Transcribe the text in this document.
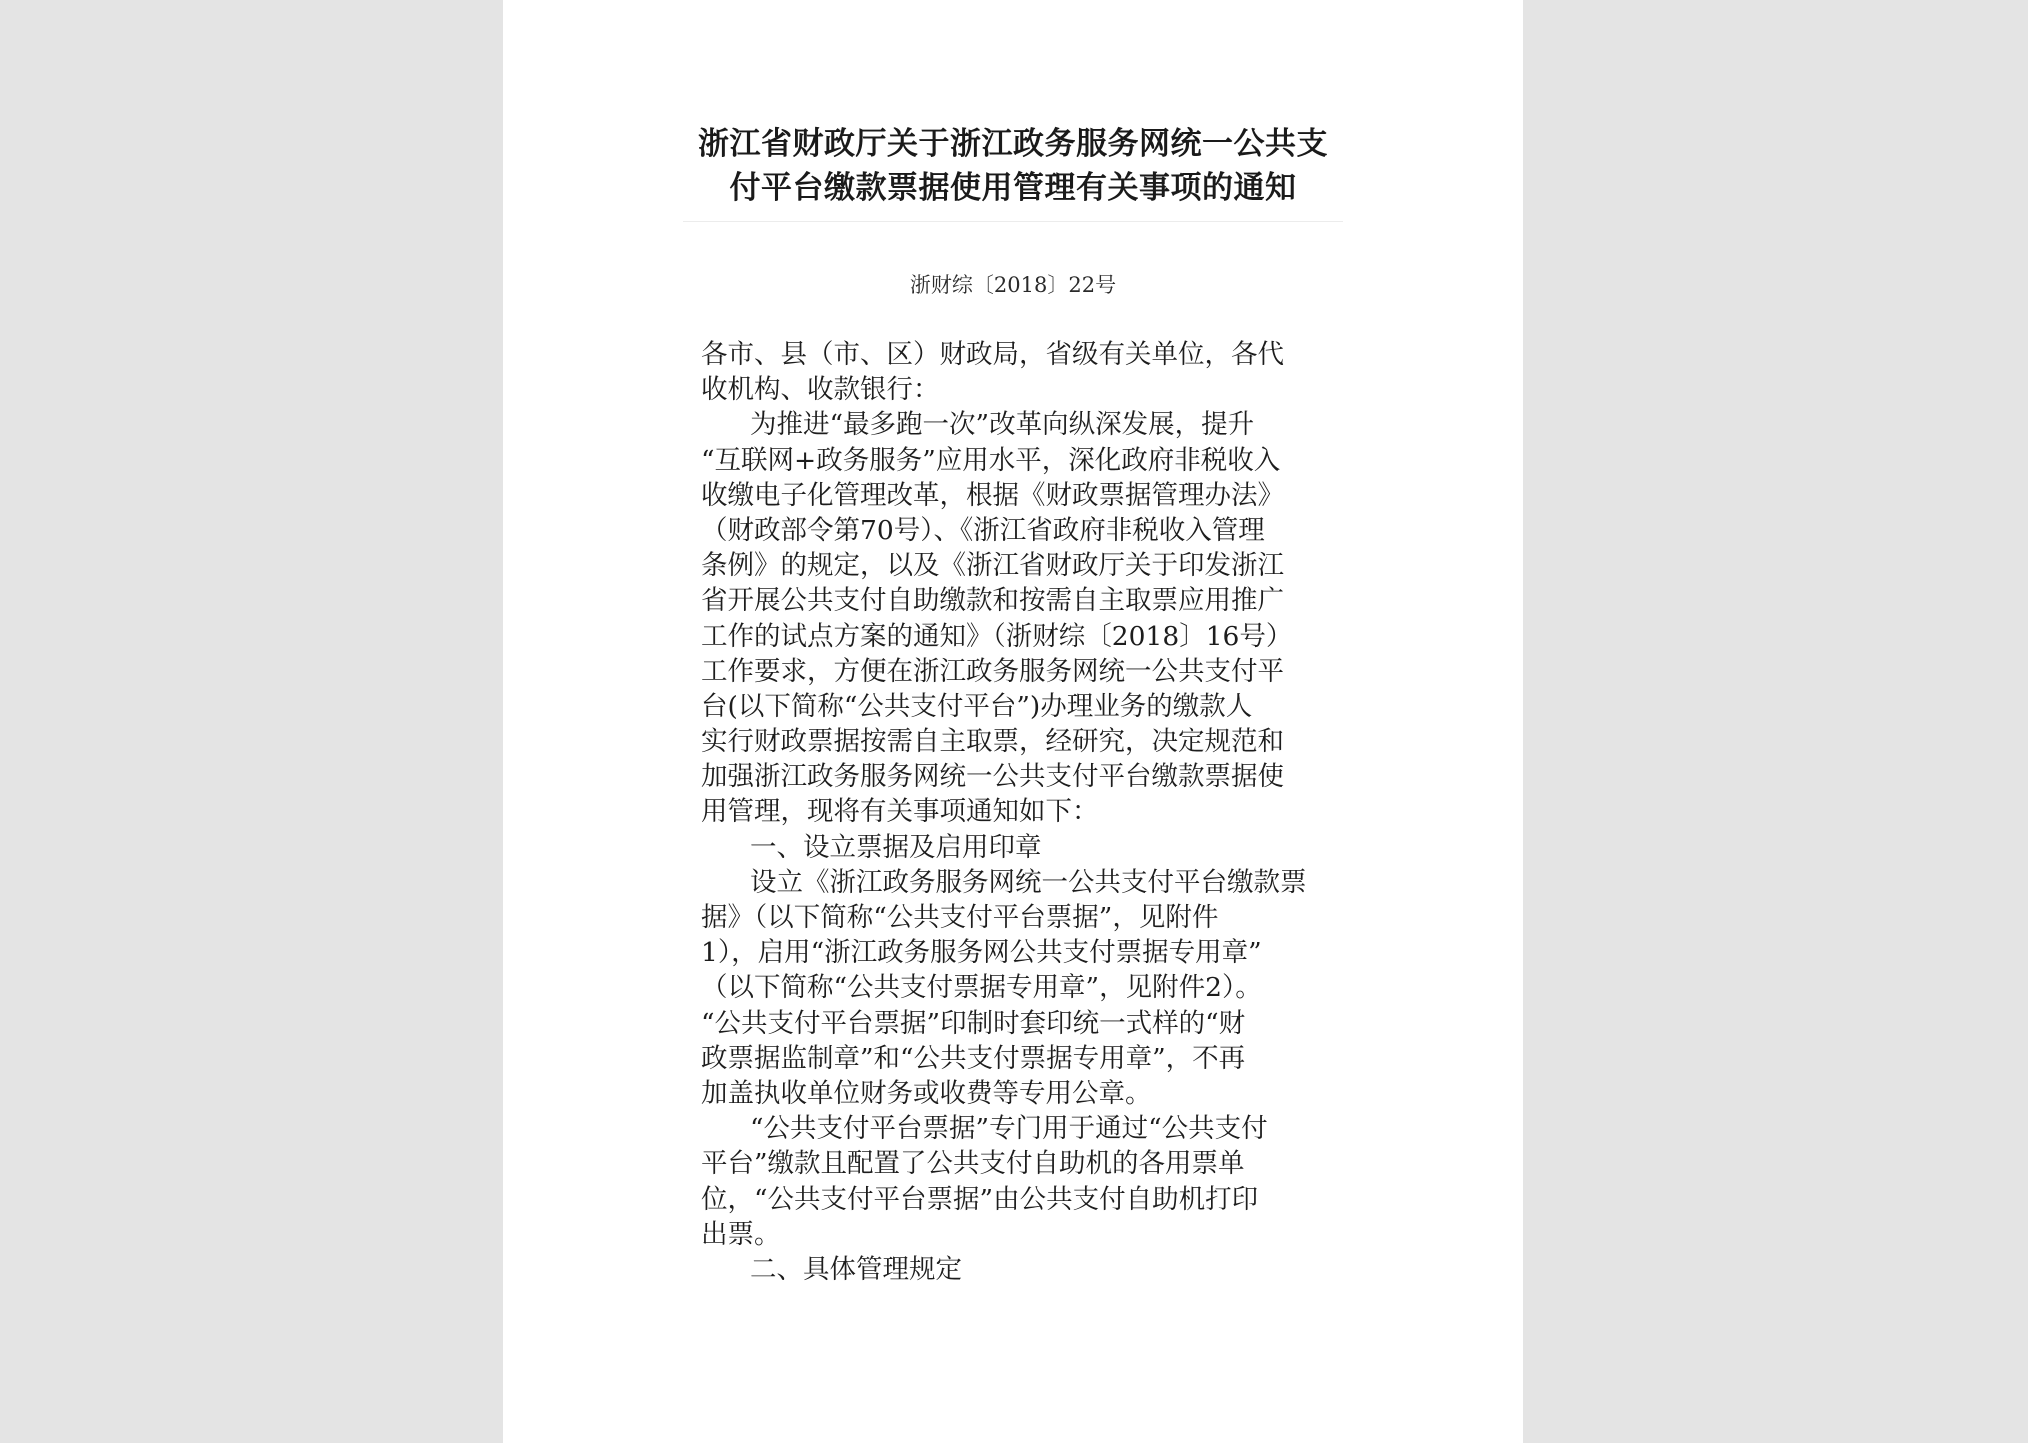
浙江省财政厅关于浙江政务服务网统一公共支
付平台缴款票据使用管理有关事项的通知
浙财综〔2018〕22号
各市、县（市、区）财政局，省级有关单位，各代
收机构、收款银行：
为推进“最多跑一次”改革向纵深发展，提升
“互联网+政务服务”应用水平，深化政府非税收入
收缴电子化管理改革，根据《财政票据管理办法》
（财政部令第70号）、《浙江省政府非税收入管理
条例》的规定，以及《浙江省财政厅关于印发浙江
省开展公共支付自助缴款和按需自主取票应用推广
工作的试点方案的通知》（浙财综〔2018〕16号）
工作要求，方便在浙江政务服务网统一公共支付平
台(以下简称“公共支付平台”)办理业务的缴款人
实行财政票据按需自主取票，经研究，决定规范和
加强浙江政务服务网统一公共支付平台缴款票据使
用管理，现将有关事项通知如下：
一、设立票据及启用印章
设立《浙江政务服务网统一公共支付平台缴款票
据》（以下简称“公共支付平台票据”，见附件
1），启用“浙江政务服务网公共支付票据专用章”
（以下简称“公共支付票据专用章”，见附件2）。
“公共支付平台票据”印制时套印统一式样的“财
政票据监制章”和“公共支付票据专用章”，不再
加盖执收单位财务或收费等专用公章。
“公共支付平台票据”专门用于通过“公共支付
平台”缴款且配置了公共支付自助机的各用票单
位，“公共支付平台票据”由公共支付自助机打印
出票。
二、具体管理规定
